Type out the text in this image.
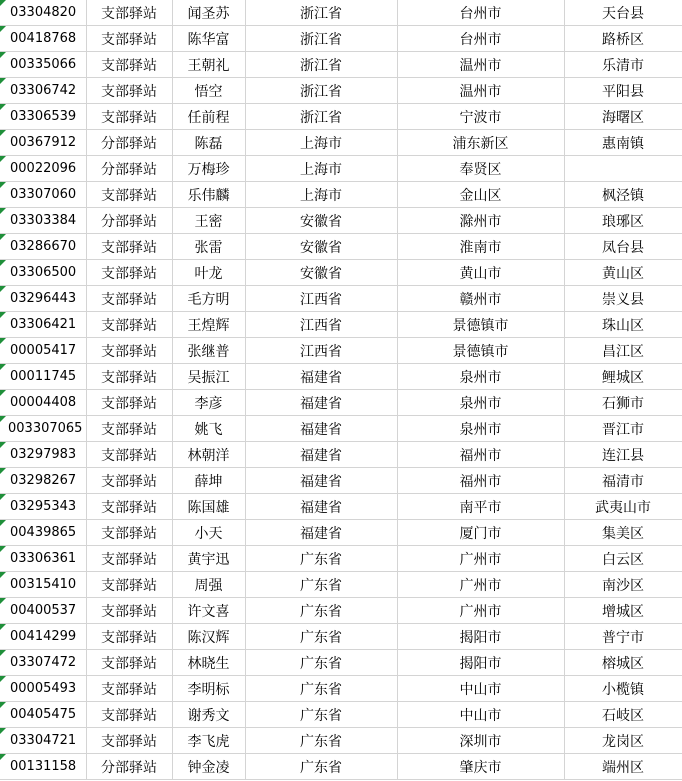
03304820	支部驿站	闻圣苏	浙江省	台州市	天台县

00418768	支部驿站	陈华富	浙江省	台州市	路桥区

00335066	支部驿站	王朝礼	浙江省	温州市	乐清市

03306742	支部驿站	悟空	浙江省	温州市	平阳县

03306539	支部驿站	任前程	浙江省	宁波市	海曙区

00367912	分部驿站	陈磊	上海市	浦东新区	惠南镇

00022096	分部驿站	万梅珍	上海市	奉贤区	

03307060	支部驿站	乐伟麟	上海市	金山区	枫泾镇

03303384	分部驿站	王密	安徽省	滁州市	琅琊区

03286670	支部驿站	张雷	安徽省	淮南市	凤台县

03306500	支部驿站	叶龙	安徽省	黄山市	黄山区

03296443	支部驿站	毛方明	江西省	赣州市	崇义县

03306421	支部驿站	王煌辉	江西省	景德镇市	珠山区

00005417	支部驿站	张继普	江西省	景德镇市	昌江区

00011745	支部驿站	吴振江	福建省	泉州市	鲤城区

00004408	支部驿站	李彦	福建省	泉州市	石狮市

003307065	支部驿站	姚飞	福建省	泉州市	晋江市

03297983	支部驿站	林朝洋	福建省	福州市	连江县

03298267	支部驿站	薛坤	福建省	福州市	福清市

03295343	支部驿站	陈国雄	福建省	南平市	武夷山市

00439865	支部驿站	小天	福建省	厦门市	集美区

03306361	支部驿站	黄宇迅	广东省	广州市	白云区

00315410	支部驿站	周强	广东省	广州市	南沙区

00400537	支部驿站	许文喜	广东省	广州市	增城区

00414299	支部驿站	陈汉辉	广东省	揭阳市	普宁市

03307472	支部驿站	林晓生	广东省	揭阳市	榕城区

00005493	支部驿站	李明标	广东省	中山市	小榄镇

00405475	支部驿站	谢秀文	广东省	中山市	石岐区

03304721	支部驿站	李飞虎	广东省	深圳市	龙岗区

00131158	分部驿站	钟金凌	广东省	肇庆市	端州区
